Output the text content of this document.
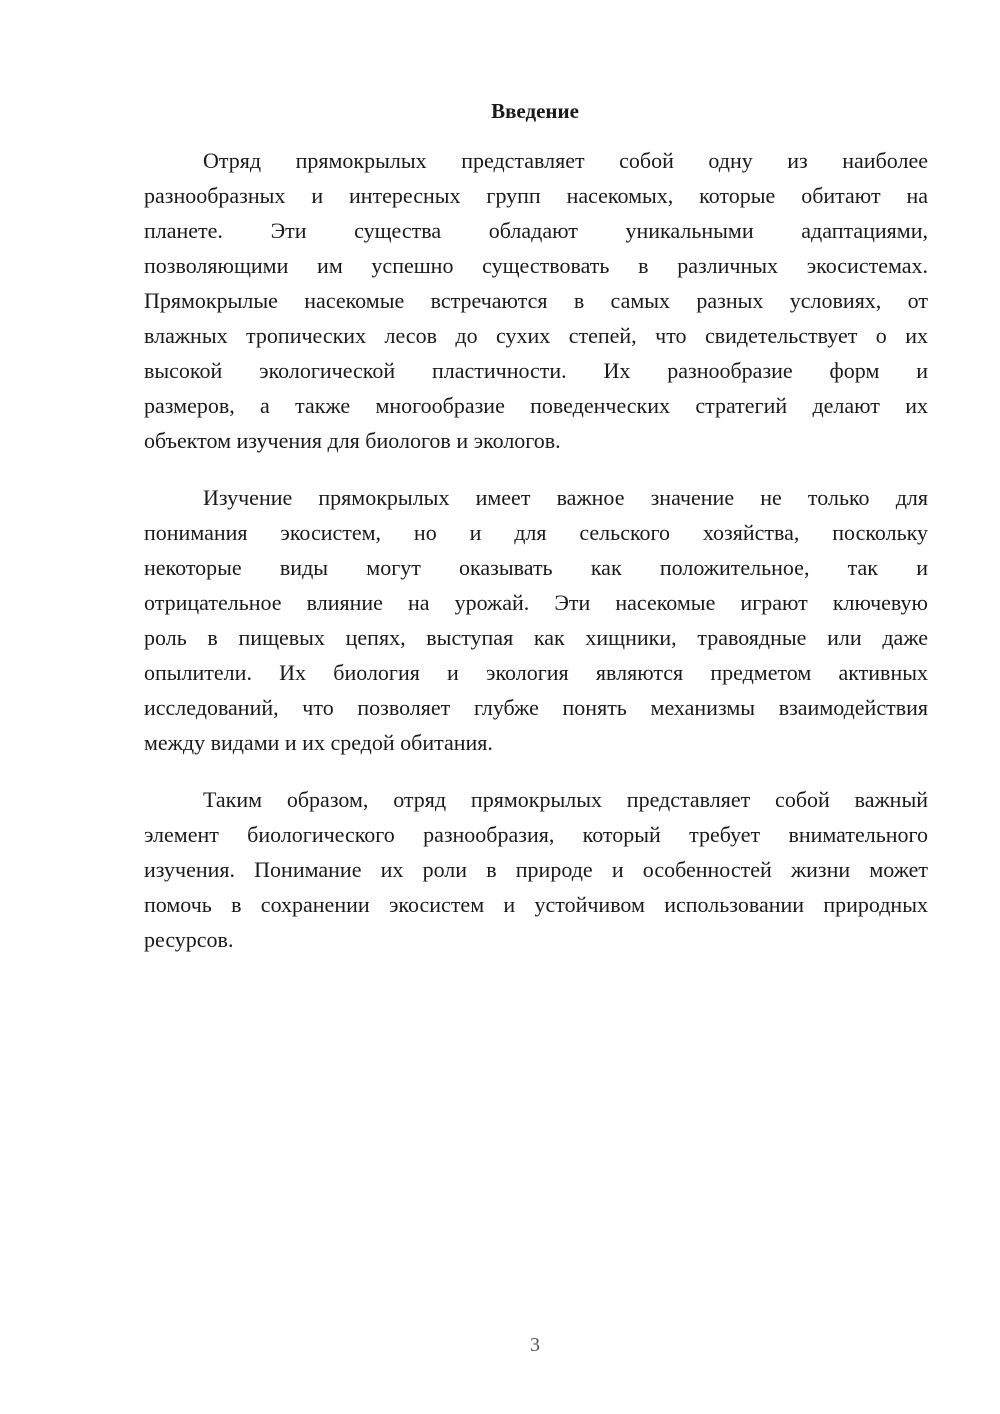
Введение
Отряд прямокрылых представляет собой одну из наиболее
разнообразных и интересных групп насекомых, которые обитают на
планете. Эти существа обладают уникальными адаптациями,
позволяющими им успешно существовать в различных экосистемах.
Прямокрылые насекомые встречаются в самых разных условиях, от
влажных тропических лесов до сухих степей, что свидетельствует о их
высокой экологической пластичности. Их разнообразие форм и
размеров, а также многообразие поведенческих стратегий делают их
объектом изучения для биологов и экологов.
Изучение прямокрылых имеет важное значение не только для
понимания экосистем, но и для сельского хозяйства, поскольку
некоторые виды могут оказывать как положительное, так и
отрицательное влияние на урожай. Эти насекомые играют ключевую
роль в пищевых цепях, выступая как хищники, травоядные или даже
опылители. Их биология и экология являются предметом активных
исследований, что позволяет глубже понять механизмы взаимодействия
между видами и их средой обитания.
Таким образом, отряд прямокрылых представляет собой важный
элемент биологического разнообразия, который требует внимательного
изучения. Понимание их роли в природе и особенностей жизни может
помочь в сохранении экосистем и устойчивом использовании природных
ресурсов.
3
